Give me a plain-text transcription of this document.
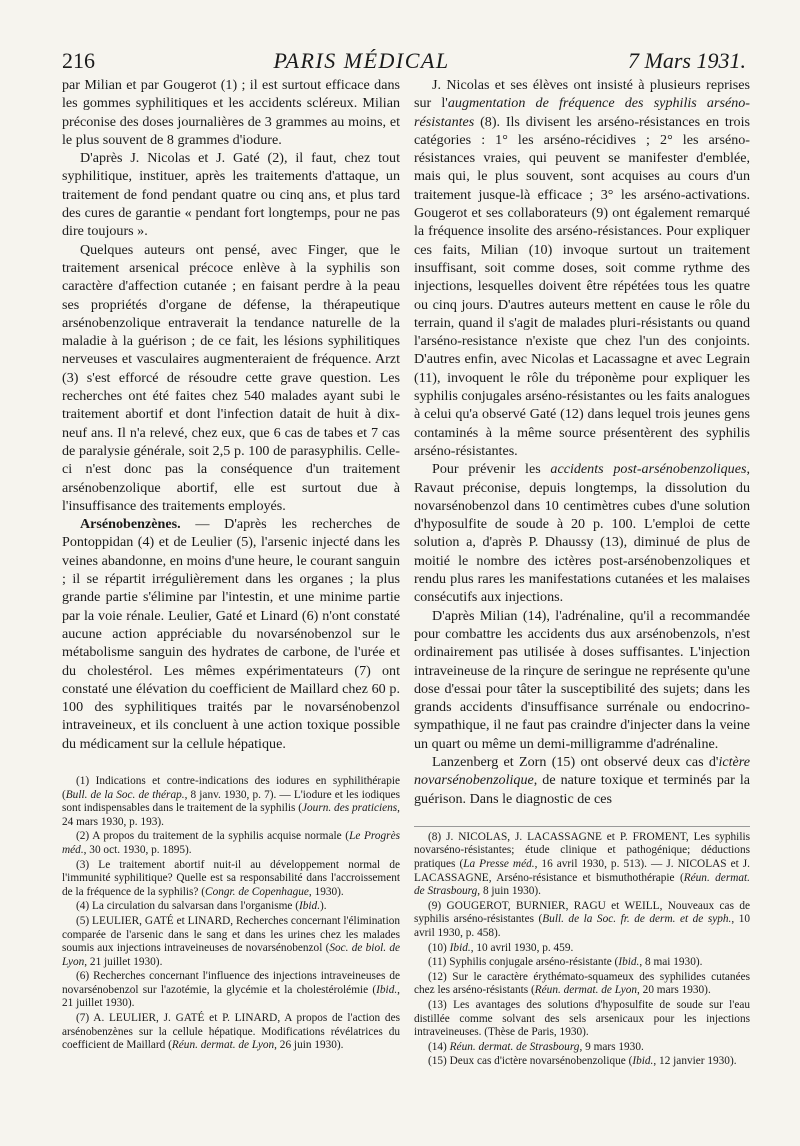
216	PARIS MÉDICAL	7 Mars 1931.

par Milian et par Gougerot (1) ; il est surtout efficace dans les gommes syphilitiques et les accidents scléreux. Milian préconise des doses journalières de 3 grammes au moins, et le plus souvent de 8 grammes d'iodure.

D'après J. Nicolas et J. Gaté (2), il faut, chez tout syphilitique, instituer, après les traitements d'attaque, un traitement de fond pendant quatre ou cinq ans, et plus tard des cures de garantie « pendant fort longtemps, pour ne pas dire toujours ».

Quelques auteurs ont pensé, avec Finger, que le traitement arsenical précoce enlève à la syphilis son caractère d'affection cutanée ; en faisant perdre à la peau ses propriétés d'organe de défense, la thérapeutique arsénobenzolique entraverait la tendance naturelle de la maladie à la guérison ; de ce fait, les lésions syphilitiques nerveuses et vasculaires augmenteraient de fréquence. Arzt (3) s'est efforcé de résoudre cette grave question. Les recherches ont été faites chez 540 malades ayant subi le traitement abortif et dont l'infection datait de huit à dix-neuf ans. Il n'a relevé, chez eux, que 6 cas de tabes et 7 cas de paralysie générale, soit 2,5 p. 100 de parasyphilis. Celle-ci n'est donc pas la conséquence d'un traitement arsénobenzolique abortif, elle est surtout due à l'insuffisance des traitements employés.

Arsénobenzènes. — D'après les recherches de Pontoppidan (4) et de Leulier (5), l'arsenic injecté dans les veines abandonne, en moins d'une heure, le courant sanguin ; il se répartit irrégulièrement dans les organes ; la plus grande partie s'élimine par l'intestin, et une minime partie par la voie rénale. Leulier, Gaté et Linard (6) n'ont constaté aucune action appréciable du novarsénobenzol sur le métabolisme sanguin des hydrates de carbone, de l'urée et du cholestérol. Les mêmes expérimentateurs (7) ont constaté une élévation du coefficient de Maillard chez 60 p. 100 des syphilitiques traités par le novarsénobenzol intraveineux, et ils concluent à une action toxique possible du médicament sur la cellule hépatique.

(1) Indications et contre-indications des iodures en syphilithérapie (Bull. de la Soc. de thérap., 8 janv. 1930, p. 7). — L'iodure et les iodiques sont indispensables dans le traitement de la syphilis (Journ. des praticiens, 24 mars 1930, p. 193).

(2) A propos du traitement de la syphilis acquise normale (Le Progrès méd., 30 oct. 1930, p. 1895).

(3) Le traitement abortif nuit-il au développement normal de l'immunité syphilitique? Quelle est sa responsabilité dans l'accroissement de la fréquence de la syphilis? (Congr. de Copenhague, 1930).

(4) La circulation du salvarsan dans l'organisme (Ibid.).

(5) LEULIER, GATÉ et LINARD, Recherches concernant l'élimination comparée de l'arsenic dans le sang et dans les urines chez les malades soumis aux injections intraveineuses de novarsénobenzol (Soc. de biol. de Lyon, 21 juillet 1930).

(6) Recherches concernant l'influence des injections intraveineuses de novarsénobenzol sur l'azotémie, la glycémie et la cholestérolémie (Ibid., 21 juillet 1930).

(7) A. LEULIER, J. GATÉ et P. LINARD, A propos de l'action des arsénobenzènes sur la cellule hépatique. Modifications révélatrices du coefficient de Maillard (Réun. dermat. de Lyon, 26 juin 1930).

J. Nicolas et ses élèves ont insisté à plusieurs reprises sur l'augmentation de fréquence des syphilis arséno-résistantes (8). Ils divisent les arséno-résistances en trois catégories : 1° les arséno-récidives ; 2° les arséno-résistances vraies, qui peuvent se manifester d'emblée, mais qui, le plus souvent, sont acquises au cours d'un traitement jusque-là efficace ; 3° les arséno-activations. Gougerot et ses collaborateurs (9) ont également remarqué la fréquence insolite des arséno-résistances. Pour expliquer ces faits, Milian (10) invoque surtout un traitement insuffisant, soit comme doses, soit comme rythme des injections, lesquelles doivent être répétées tous les quatre ou cinq jours. D'autres auteurs mettent en cause le rôle du terrain, quand il s'agit de malades pluri-résistants ou quand l'arséno-resistance n'existe que chez l'un des conjoints. D'autres enfin, avec Nicolas et Lacassagne et avec Legrain (11), invoquent le rôle du tréponème pour expliquer les syphilis conjugales arséno-résistantes ou les faits analogues à celui qu'a observé Gaté (12) dans lequel trois jeunes gens contaminés à la même source présentèrent des syphilis arséno-résistantes.

Pour prévenir les accidents post-arsénobenzoliques, Ravaut préconise, depuis longtemps, la dissolution du novarsénobenzol dans 10 centimètres cubes d'une solution d'hyposulfite de soude à 20 p. 100. L'emploi de cette solution a, d'après P. Dhaussy (13), diminué de plus de moitié le nombre des ictères post-arsénobenzoliques et rendu plus rares les manifestations cutanées et les malaises consécutifs aux injections.

D'après Milian (14), l'adrénaline, qu'il a recommandée pour combattre les accidents dus aux arsénobenzols, n'est ordinairement pas utilisée à doses suffisantes. L'injection intraveineuse de la rinçure de seringue ne représente qu'une dose d'essai pour tâter la susceptibilité des sujets; dans les grands accidents d'insuffisance surrénale ou endocrino-sympathique, il ne faut pas craindre d'injecter dans la veine un quart ou même un demi-milligramme d'adrénaline.

Lanzenberg et Zorn (15) ont observé deux cas d'ictère novarsénobenzolique, de nature toxique et terminés par la guérison. Dans le diagnostic de ces

(8) J. NICOLAS, J. LACASSAGNE et P. FROMENT, Les syphilis novarséno-résistantes; étude clinique et pathogénique; déductions pratiques (La Presse méd., 16 avril 1930, p. 513). — J. NICOLAS et J. LACASSAGNE, Arséno-résistance et bismuthothérapie (Réun. dermat. de Strasbourg, 8 juin 1930).

(9) GOUGEROT, BURNIER, RAGU et WEILL, Nouveaux cas de syphilis arséno-résistantes (Bull. de la Soc. fr. de derm. et de syph., 10 avril 1930, p. 458).

(10) Ibid., 10 avril 1930, p. 459.

(11) Syphilis conjugale arséno-résistante (Ibid., 8 mai 1930).

(12) Sur le caractère érythémato-squameux des syphilides cutanées chez les arséno-résistants (Réun. dermat. de Lyon, 20 mars 1930).

(13) Les avantages des solutions d'hyposulfite de soude sur l'eau distillée comme solvant des sels arsenicaux pour les injections intraveineuses. (Thèse de Paris, 1930).

(14) Réun. dermat. de Strasbourg, 9 mars 1930.

(15) Deux cas d'ictère novarsénobenzolique (Ibid., 12 janvier 1930).
